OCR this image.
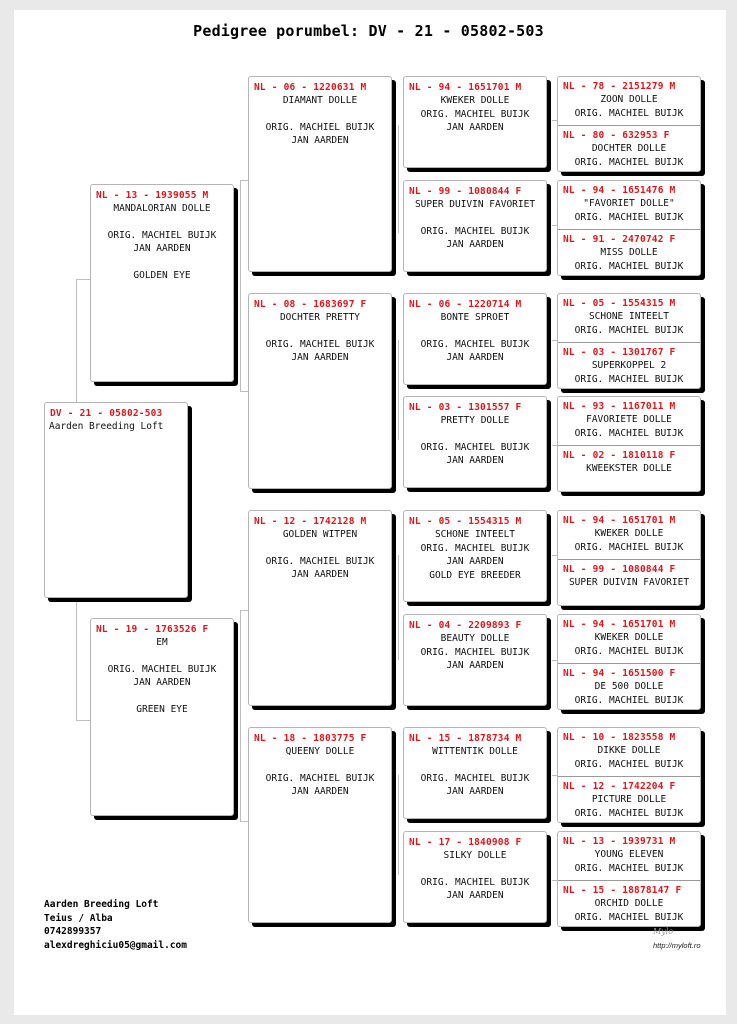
Pedigree porumbel: DV - 21 - 05802-503
DV - 21 - 05802-503
Aarden Breeding Loft
NL - 13 - 1939055 M
MANDALORIAN DOLLE
ORIG. MACHIEL BUIJK
JAN AARDEN
GOLDEN EYE
NL - 19 - 1763526 F
EM
ORIG. MACHIEL BUIJK
JAN AARDEN
GREEN EYE
NL - 06 - 1220631 M
DIAMANT DOLLE
ORIG. MACHIEL BUIJK
JAN AARDEN
NL - 08 - 1683697 F
DOCHTER PRETTY
ORIG. MACHIEL BUIJK
JAN AARDEN
NL - 12 - 1742128 M
GOLDEN WITPEN
ORIG. MACHIEL BUIJK
JAN AARDEN
NL - 18 - 1803775 F
QUEENY DOLLE
ORIG. MACHIEL BUIJK
JAN AARDEN
NL - 94 - 1651701 M
KWEKER DOLLE
ORIG. MACHIEL BUIJK
JAN AARDEN
NL - 99 - 1080844 F
SUPER DUIVIN FAVORIET
ORIG. MACHIEL BUIJK
JAN AARDEN
NL - 06 - 1220714 M
BONTE SPROET
ORIG. MACHIEL BUIJK
JAN AARDEN
NL - 03 - 1301557 F
PRETTY DOLLE
ORIG. MACHIEL BUIJK
JAN AARDEN
NL - 05 - 1554315 M
SCHONE INTEELT
ORIG. MACHIEL BUIJK
JAN AARDEN
GOLD EYE BREEDER
NL - 04 - 2209893 F
BEAUTY DOLLE
ORIG. MACHIEL BUIJK
JAN AARDEN
NL - 15 - 1878734 M
WITTENTIK DOLLE
ORIG. MACHIEL BUIJK
JAN AARDEN
NL - 17 - 1840908 F
SILKY DOLLE
ORIG. MACHIEL BUIJK
JAN AARDEN
NL - 78 - 2151279 M
ZOON DOLLE
ORIG. MACHIEL BUIJK
NL - 80 - 632953 F
DOCHTER DOLLE
ORIG. MACHIEL BUIJK
NL - 94 - 1651476 M
"FAVORIET DOLLE"
ORIG. MACHIEL BUIJK
NL - 91 - 2470742 F
MISS DOLLE
ORIG. MACHIEL BUIJK
NL - 05 - 1554315 M
SCHONE INTEELT
ORIG. MACHIEL BUIJK
NL - 03 - 1301767 F
SUPERKOPPEL 2
ORIG. MACHIEL BUIJK
NL - 93 - 1167011 M
FAVORIETE DOLLE
ORIG. MACHIEL BUIJK
NL - 02 - 1810118 F
KWEEKSTER DOLLE
NL - 94 - 1651701 M
KWEKER DOLLE
ORIG. MACHIEL BUIJK
NL - 99 - 1080844 F
SUPER DUIVIN FAVORIET
NL - 94 - 1651701 M
KWEKER DOLLE
ORIG. MACHIEL BUIJK
NL - 94 - 1651500 F
DE 500 DOLLE
ORIG. MACHIEL BUIJK
NL - 10 - 1823558 M
DIKKE DOLLE
ORIG. MACHIEL BUIJK
NL - 12 - 1742204 F
PICTURE DOLLE
ORIG. MACHIEL BUIJK
NL - 13 - 1939731 M
YOUNG ELEVEN
ORIG. MACHIEL BUIJK
NL - 15 - 18878147 F
ORCHID DOLLE
ORIG. MACHIEL BUIJK
Aarden Breeding Loft
Teius / Alba
0742899357
alexdreghiciu05@gmail.com
Mylo
http://myloft.ro
